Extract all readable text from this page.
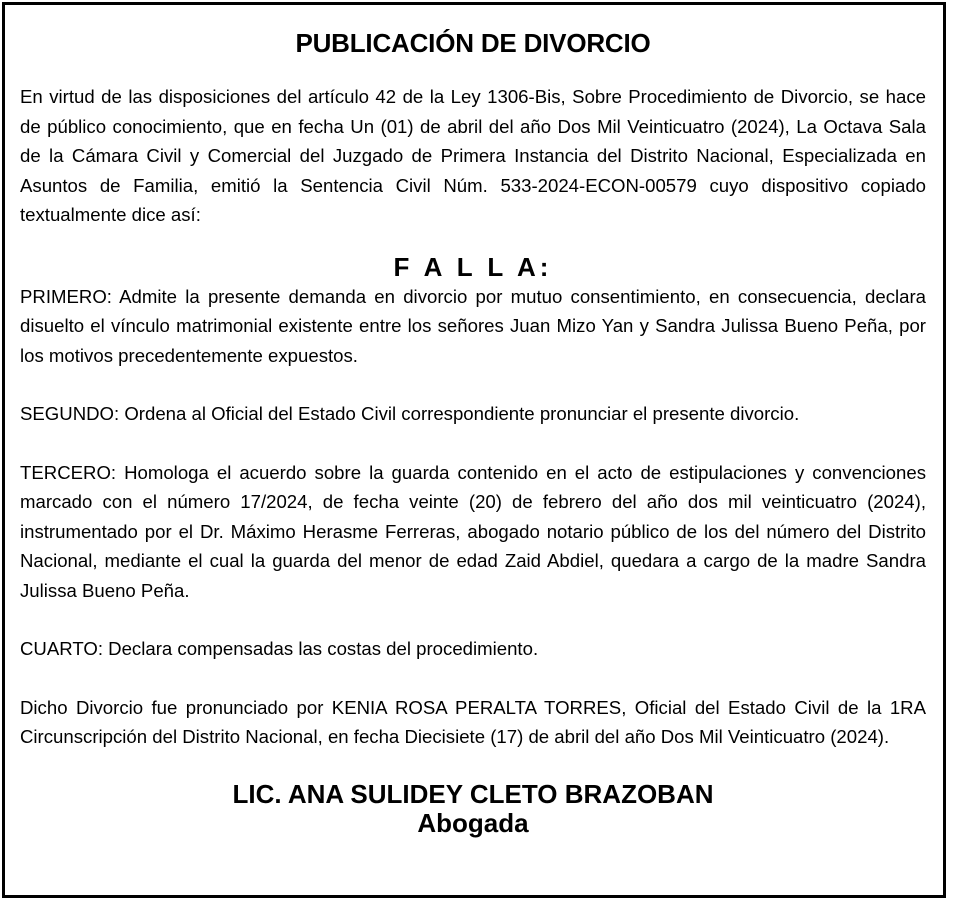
PUBLICACIÓN DE DIVORCIO

En virtud de las disposiciones del artículo 42 de la Ley 1306-Bis, Sobre Procedimiento de Divorcio, se hace de público conocimiento, que en fecha Un (01) de abril del año Dos Mil Veinticuatro (2024), La Octava Sala de la Cámara Civil y Comercial del Juzgado de Primera Instancia del Distrito Nacional, Especializada en Asuntos de Familia, emitió la Sentencia Civil Núm. 533-2024-ECON-00579 cuyo dispositivo copiado textualmente dice así:

F A L L A:

PRIMERO: Admite la presente demanda en divorcio por mutuo consentimiento, en consecuencia, declara disuelto el vínculo matrimonial existente entre los señores Juan Mizo Yan y Sandra Julissa Bueno Peña, por los motivos precedentemente expuestos.

SEGUNDO: Ordena al Oficial del Estado Civil correspondiente pronunciar el presente divorcio.

TERCERO: Homologa el acuerdo sobre la guarda contenido en el acto de estipulaciones y convenciones marcado con el número 17/2024, de fecha veinte (20) de febrero del año dos mil veinticuatro (2024), instrumentado por el Dr. Máximo Herasme Ferreras, abogado notario público de los del número del Distrito Nacional, mediante el cual la guarda del menor de edad Zaid Abdiel, quedara a cargo de la madre Sandra Julissa Bueno Peña.

CUARTO: Declara compensadas las costas del procedimiento.

Dicho Divorcio fue pronunciado por KENIA ROSA PERALTA TORRES, Oficial del Estado Civil de la 1RA Circunscripción del Distrito Nacional, en fecha Diecisiete (17) de abril del año Dos Mil Veinticuatro (2024).

LIC. ANA SULIDEY CLETO BRAZOBAN
Abogada
